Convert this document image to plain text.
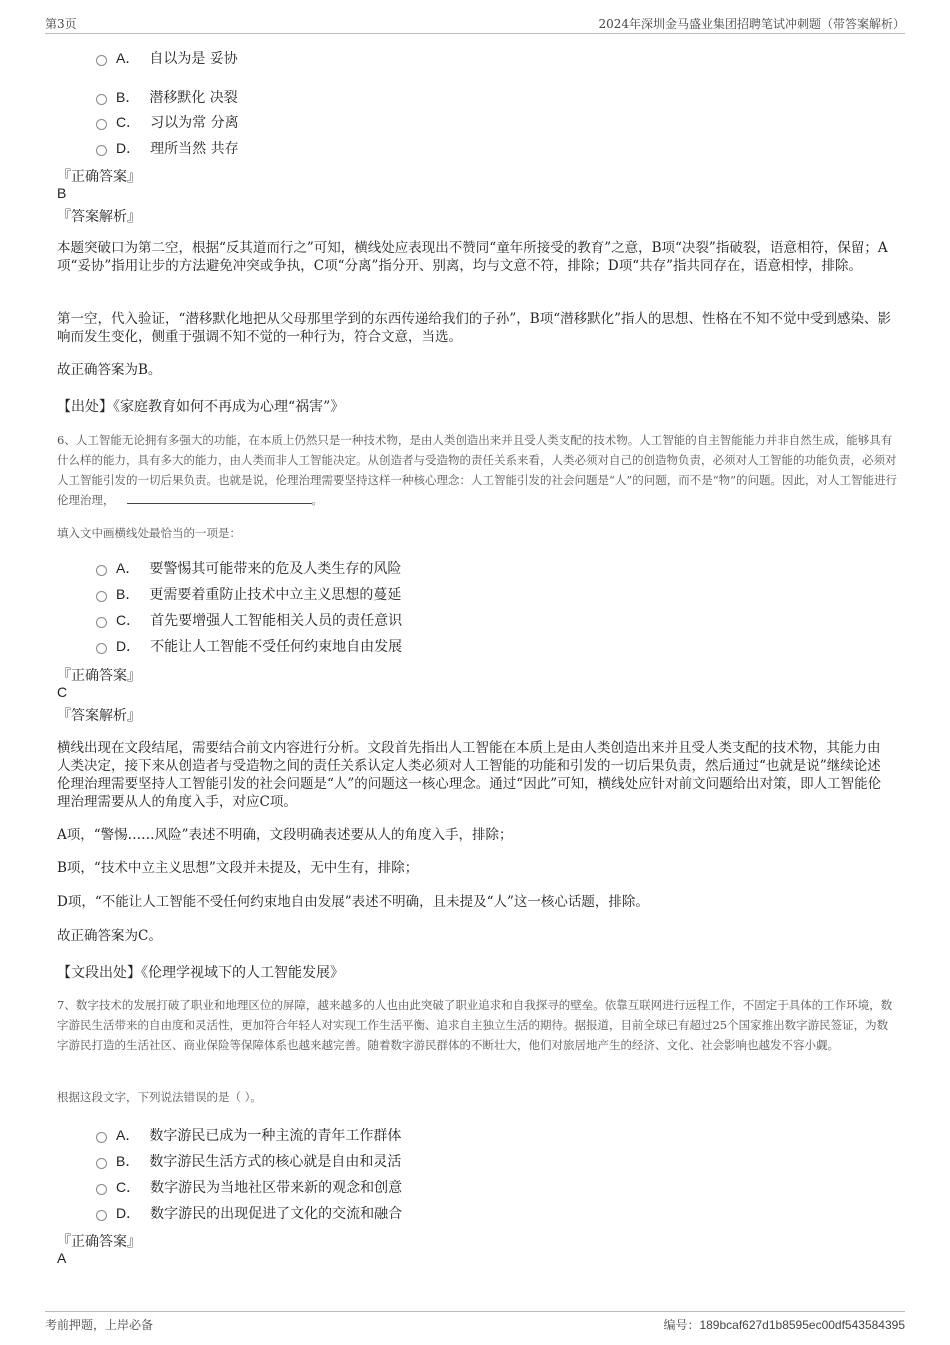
第3页	2024年深圳金马盛业集团招聘笔试冲刺题（带答案解析）
A． 自以为是 妥协
B． 潜移默化 决裂
C． 习以为常 分离
D． 理所当然 共存
『正确答案』
B
『答案解析』
本题突破口为第二空，根据“反其道而行之”可知，横线处应表现出不赞同“童年所接受的教育”之意，B项“决裂”指破裂，语意相符，保留；A项“妥协”指用让步的方法避免冲突或争执，C项“分离”指分开、别离，均与文意不符，排除；D项“共存”指共同存在，语意相悖，排除。
第一空，代入验证，“潜移默化地把从父母那里学到的东西传递给我们的子孙”，B项“潜移默化”指人的思想、性格在不知不觉中受到感染、影响而发生变化，侧重于强调不知不觉的一种行为，符合文意，当选。
故正确答案为B。
【出处】《家庭教育如何不再成为心理“祸害”》
6、人工智能无论拥有多强大的功能，在本质上仍然只是一种技术物，是由人类创造出来并且受人类支配的技术物。人工智能的自主智能能力并非自然生成，能够具有什么样的能力，具有多大的能力，由人类而非人工智能决定。从创造者与受造物的责任关系来看，人类必须对自己的创造物负责，必须对人工智能的功能负责，必须对人工智能引发的一切后果负责。也就是说，伦理治理需要坚持这样一种核心理念：人工智能引发的社会问题是“人”的问题，而不是“物”的问题。因此，对人工智能进行伦理治理，	。
填入文中画横线处最恰当的一项是：
A． 要警惕其可能带来的危及人类生存的风险
B． 更需要着重防止技术中立主义思想的蔓延
C． 首先要增强人工智能相关人员的责任意识
D． 不能让人工智能不受任何约束地自由发展
『正确答案』
C
『答案解析』
横线出现在文段结尾，需要结合前文内容进行分析。文段首先指出人工智能在本质上是由人类创造出来并且受人类支配的技术物，其能力由人类决定，接下来从创造者与受造物之间的责任关系认定人类必须对人工智能的功能和引发的一切后果负责，然后通过“也就是说”继续论述伦理治理需要坚持人工智能引发的社会问题是“人”的问题这一核心理念。通过“因此”可知，横线处应针对前文问题给出对策，即人工智能伦理治理需要从人的角度入手，对应C项。
A项，“警惕……风险”表述不明确，文段明确表述要从人的角度入手，排除；
B项，“技术中立主义思想”文段并未提及，无中生有，排除；
D项，“不能让人工智能不受任何约束地自由发展”表述不明确，且未提及“人”这一核心话题，排除。
故正确答案为C。
【文段出处】《伦理学视域下的人工智能发展》
7、数字技术的发展打破了职业和地理区位的屏障，越来越多的人也由此突破了职业追求和自我探寻的壁垒。依靠互联网进行远程工作，不固定于具体的工作环境，数字游民生活带来的自由度和灵活性，更加符合年轻人对实现工作生活平衡、追求自主独立生活的期待。据报道，目前全球已有超过25个国家推出数字游民签证，为数字游民打造的生活社区、商业保险等保障体系也越来越完善。随着数字游民群体的不断壮大，他们对旅居地产生的经济、文化、社会影响也越发不容小觑。
根据这段文字，下列说法错误的是（ ）。
A． 数字游民已成为一种主流的青年工作群体
B． 数字游民生活方式的核心就是自由和灵活
C． 数字游民为当地社区带来新的观念和创意
D． 数字游民的出现促进了文化的交流和融合
『正确答案』
A
考前押题，上岸必备	编号：189bcaf627d1b8595ec00df543584395
